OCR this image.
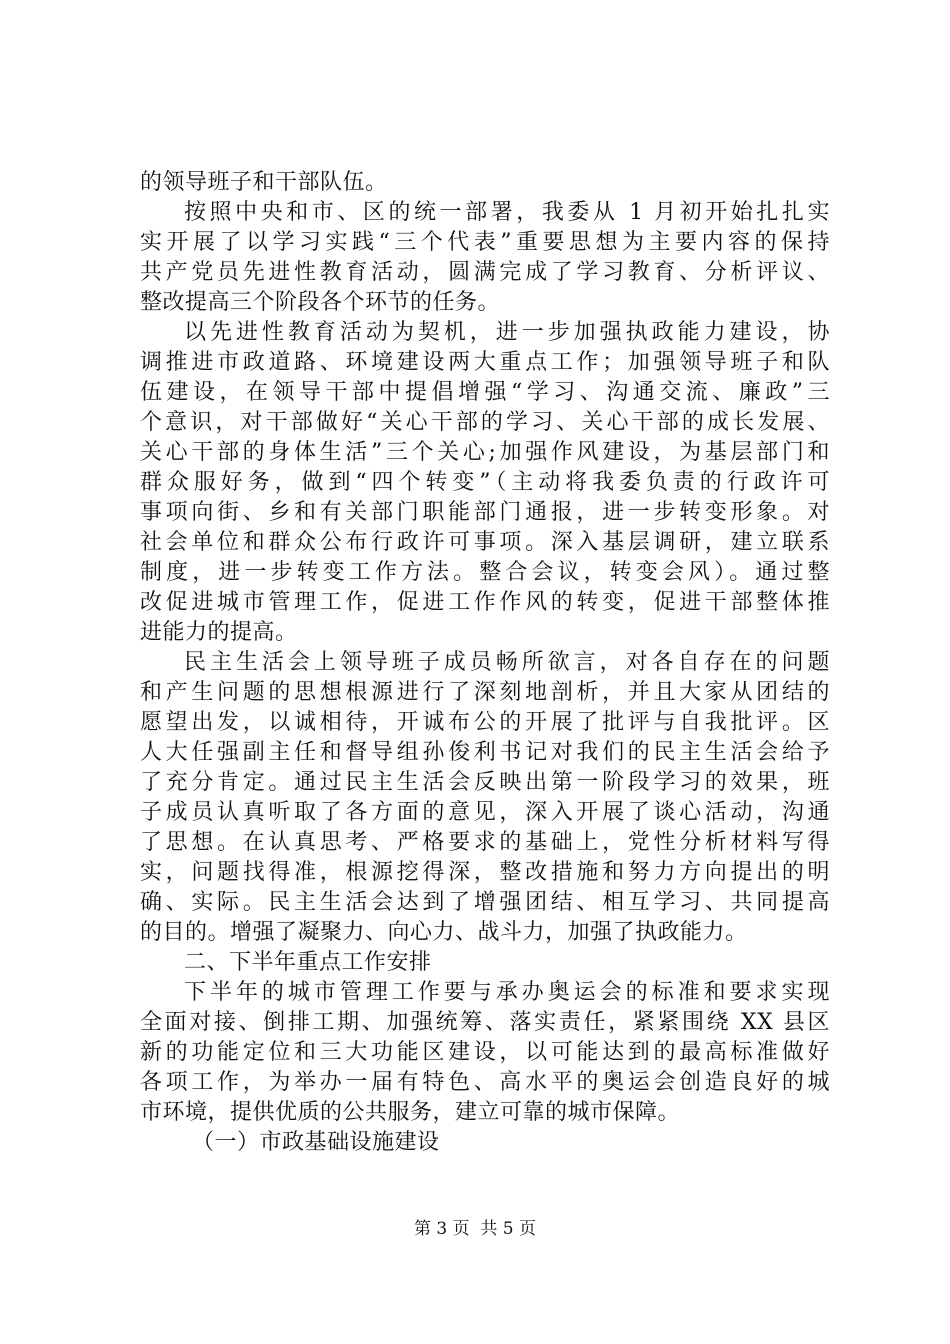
的领导班子和干部队伍。
按照中央和市、区的统一部署，我委从 1 月初开始扎扎实
实开展了以学习实践“三个代表”重要思想为主要内容的保持
共产党员先进性教育活动，圆满完成了学习教育、分析评议、
整改提高三个阶段各个环节的任务。
以先进性教育活动为契机，进一步加强执政能力建设，协
调推进市政道路、环境建设两大重点工作；加强领导班子和队
伍建设，在领导干部中提倡增强“学习、沟通交流、廉政”三
个意识，对干部做好“关心干部的学习、关心干部的成长发展、
关心干部的身体生活”三个关心;加强作风建设，为基层部门和
群众服好务，做到“四个转变”（主动将我委负责的行政许可
事项向街、乡和有关部门职能部门通报，进一步转变形象。对
社会单位和群众公布行政许可事项。深入基层调研，建立联系
制度，进一步转变工作方法。整合会议，转变会风）。通过整
改促进城市管理工作，促进工作作风的转变，促进干部整体推
进能力的提高。
民主生活会上领导班子成员畅所欲言，对各自存在的问题
和产生问题的思想根源进行了深刻地剖析，并且大家从团结的
愿望出发，以诚相待，开诚布公的开展了批评与自我批评。区
人大任强副主任和督导组孙俊利书记对我们的民主生活会给予
了充分肯定。通过民主生活会反映出第一阶段学习的效果，班
子成员认真听取了各方面的意见，深入开展了谈心活动，沟通
了思想。在认真思考、严格要求的基础上，党性分析材料写得
实，问题找得准，根源挖得深，整改措施和努力方向提出的明
确、实际。民主生活会达到了增强团结、相互学习、共同提高
的目的。增强了凝聚力、向心力、战斗力，加强了执政能力。
二、下半年重点工作安排
下半年的城市管理工作要与承办奥运会的标准和要求实现
全面对接、倒排工期、加强统筹、落实责任，紧紧围绕 XX 县区
新的功能定位和三大功能区建设，以可能达到的最高标准做好
各项工作，为举办一届有特色、高水平的奥运会创造良好的城
市环境，提供优质的公共服务，建立可靠的城市保障。
（一）市政基础设施建设
第 3 页  共 5 页
